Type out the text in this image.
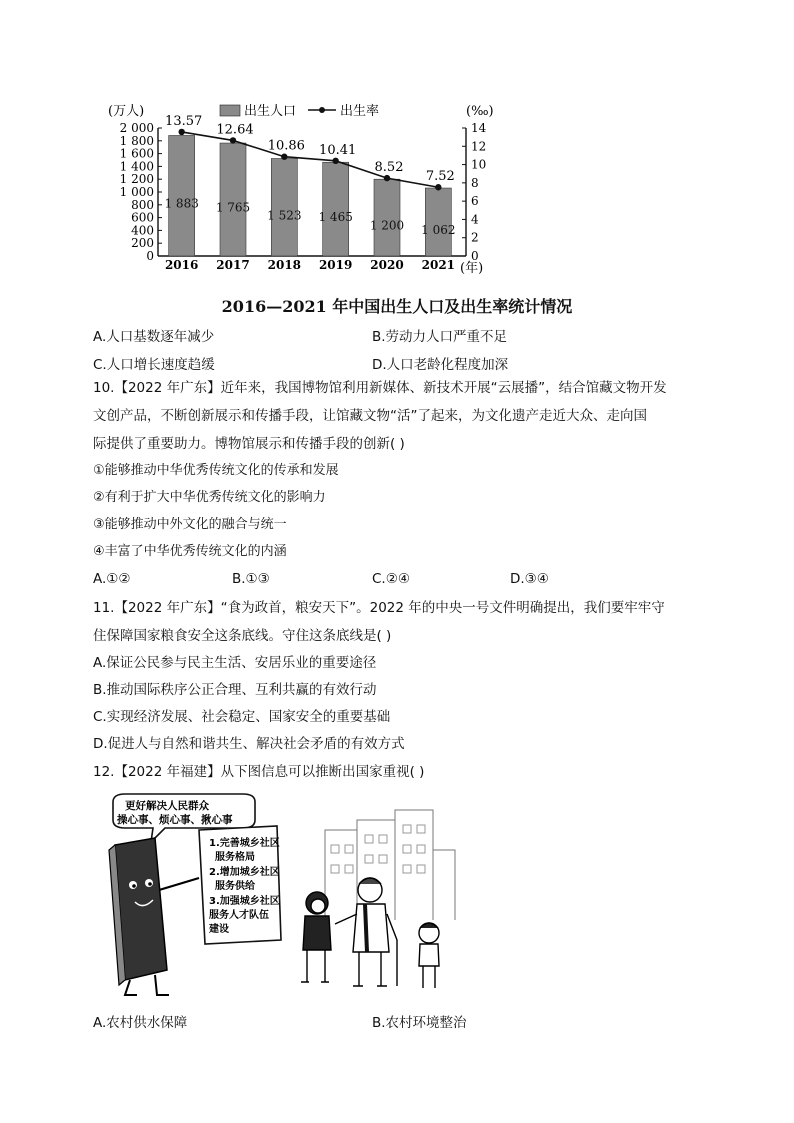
(万人)	(‰)
出生人口	出生率
(年)
0
200
400
600
800
1 000
1 200
1 400
1 600
1 800
2 000
0
2
4
6
8
10
12
14
1 883
2016
1 765
2017
1 523
2018
1 465
2019
1 200
2020
1 062
2021
13.57
12.64
10.86 10.41
8.52
7.52
2016—2021 年中国出生人口及出生率统计情况
A.人口基数逐年减少	B.劳动力人口严重不足
C.人口增长速度趋缓	D.人口老龄化程度加深
10.【2022 年广东】近年来，我国博物馆利用新媒体、新技术开展“云展播”，结合馆藏文物开发
文创产品，不断创新展示和传播手段，让馆藏文物“活”了起来，为文化遗产走近大众、走向国
际提供了重要助力。博物馆展示和传播手段的创新( )
①能够推动中华优秀传统文化的传承和发展
②有利于扩大中华优秀传统文化的影响力
③能够推动中外文化的融合与统一
④丰富了中华优秀传统文化的内涵
A.①②	B.①③	C.②④	D.③④
11.【2022 年广东】“食为政首，粮安天下”。2022 年的中央一号文件明确提出，我们要牢牢守
住保障国家粮食安全这条底线。守住这条底线是( )
A.保证公民参与民主生活、安居乐业的重要途径
B.推动国际秩序公正合理、互利共赢的有效行动
C.实现经济发展、社会稳定、国家安全的重要基础
D.促进人与自然和谐共生、解决社会矛盾的有效方式
12.【2022 年福建】从下图信息可以推断出国家重视( )
更好解决人民群众
操心事、烦心事、揪心事
1.完善城乡社区
服务格局
2.增加城乡社区
服务供给
3.加强城乡社区
服务人才队伍
建设
A.农村供水保障	B.农村环境整治
